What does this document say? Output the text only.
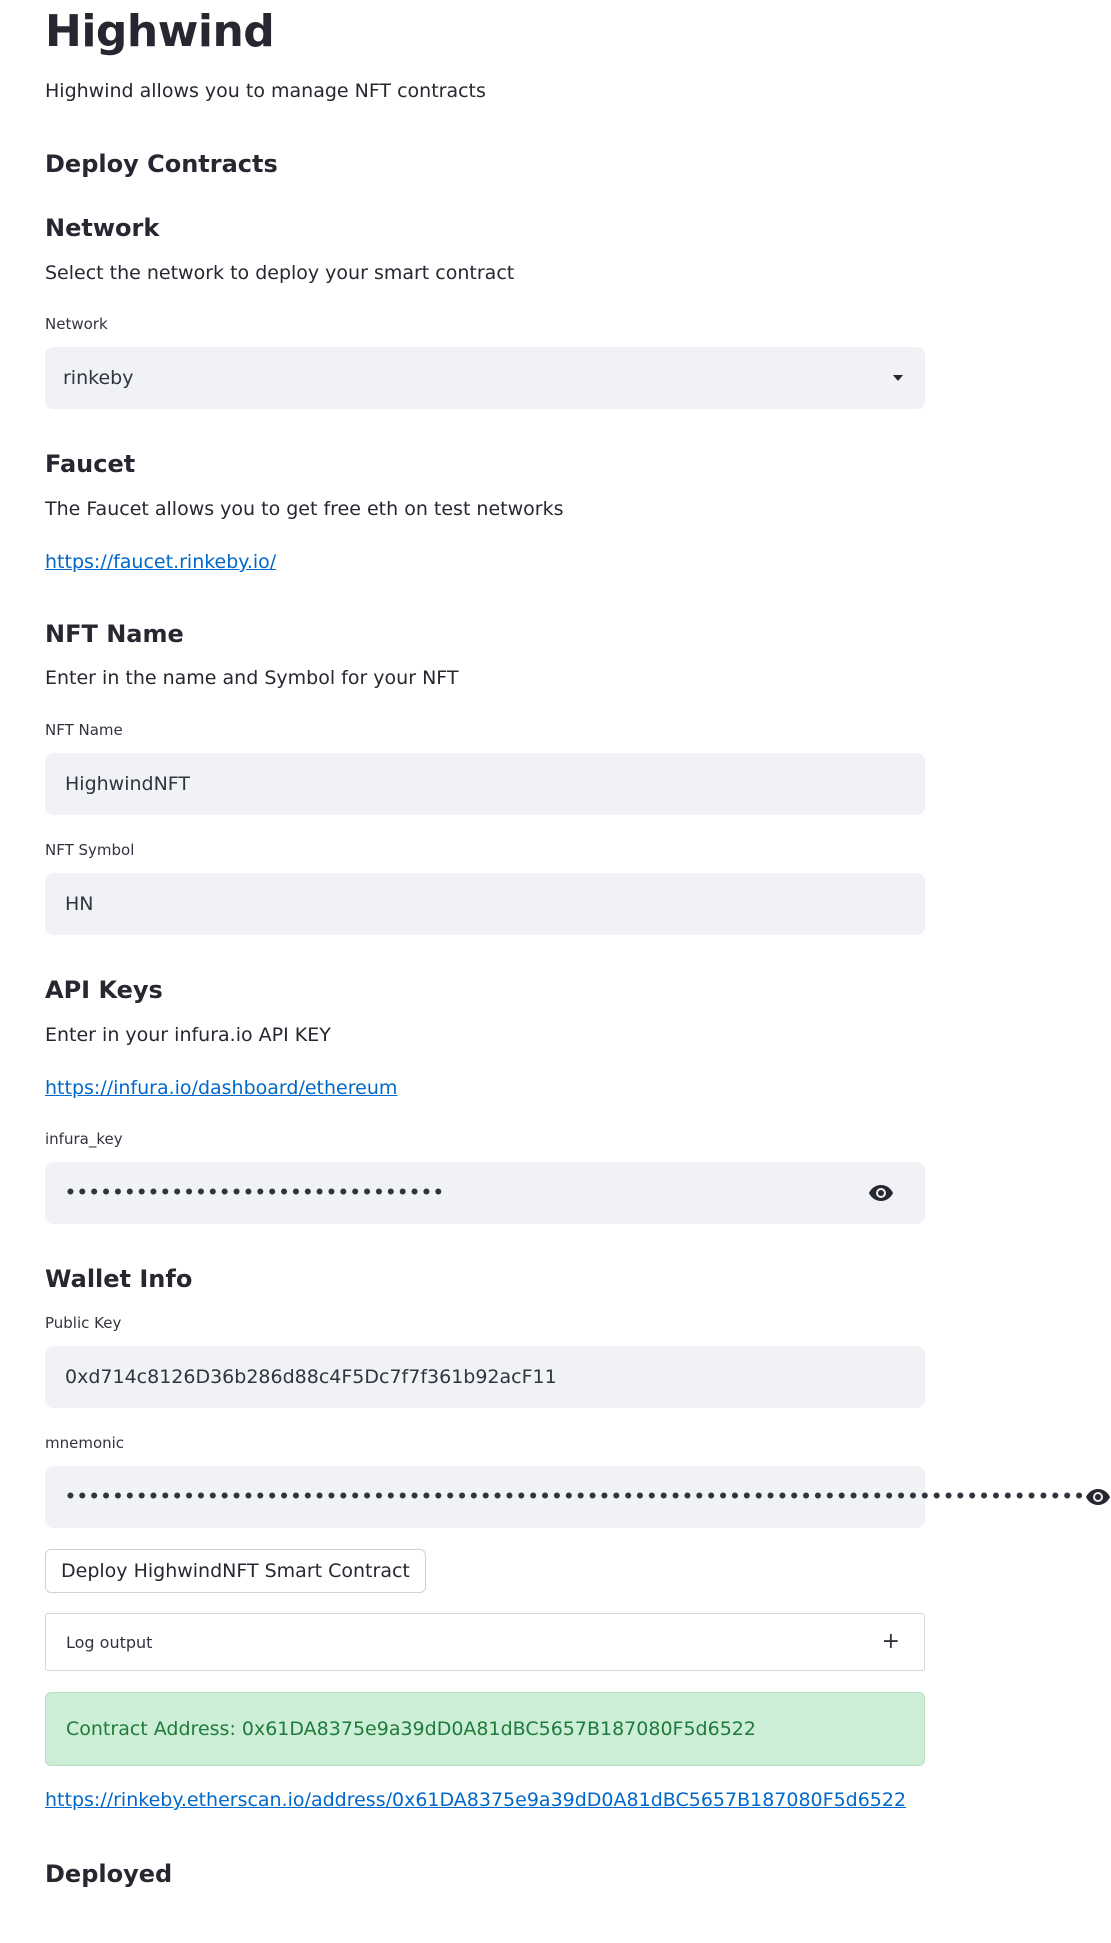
Highwind
Highwind allows you to manage NFT contracts
Deploy Contracts
Network
Select the network to deploy your smart contract
Network
rinkeby
Faucet
The Faucet allows you to get free eth on test networks
https://faucet.rinkeby.io/
NFT Name
Enter in the name and Symbol for your NFT
NFT Name
HighwindNFT
NFT Symbol
HN
API Keys
Enter in your infura.io API KEY
https://infura.io/dashboard/ethereum
infura_key
••••••••••••••••••••••••••••••••
Wallet Info
Public Key
0xd714c8126D36b286d88c4F5Dc7f7f361b92acF11
mnemonic
••••••••••••••••••••••••••••••••••••••••••••••••••••••••••••••••••••••••••••••••••••••
Deploy HighwindNFT Smart Contract
Log output	+
Contract Address: 0x61DA8375e9a39dD0A81dBC5657B187080F5d6522
https://rinkeby.etherscan.io/address/0x61DA8375e9a39dD0A81dBC5657B187080F5d6522
Deployed
